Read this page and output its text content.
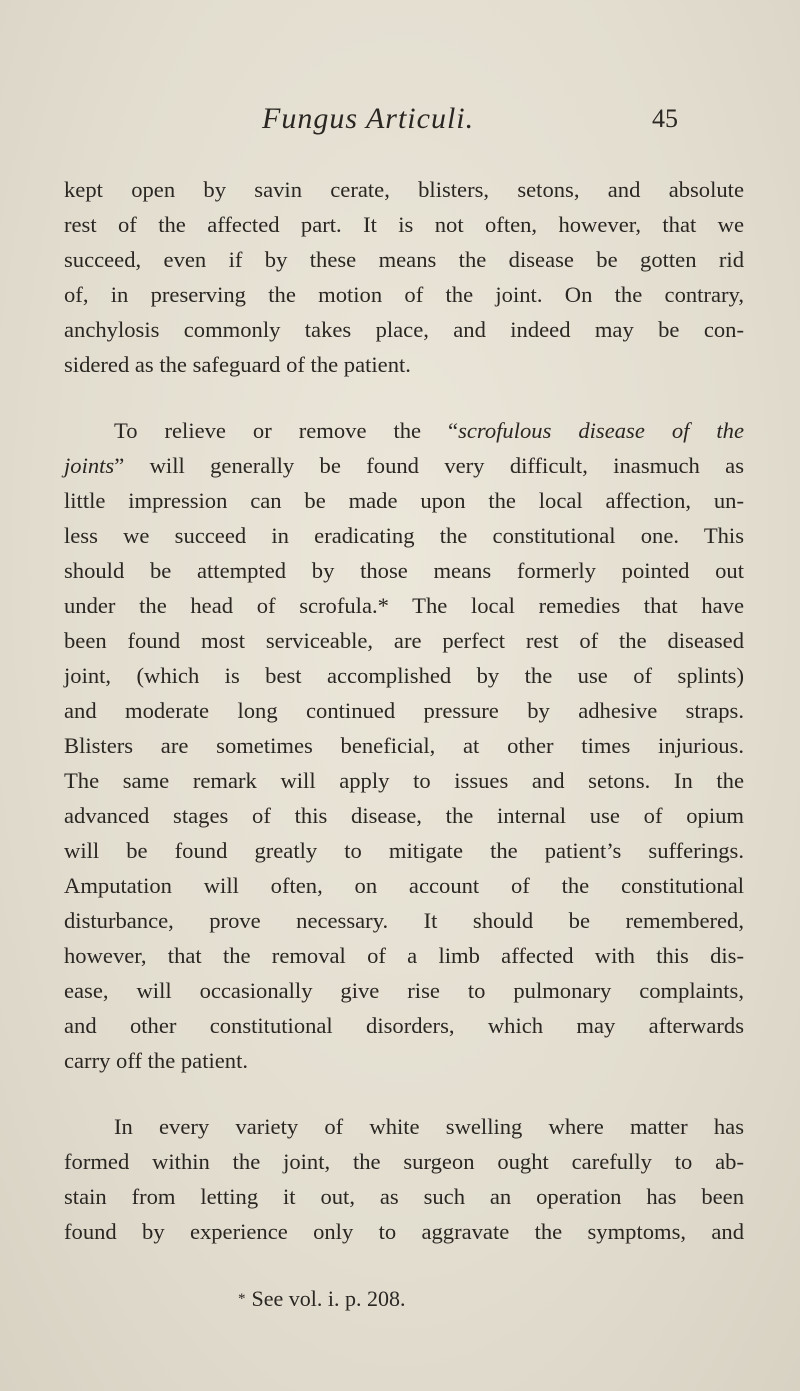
Fungus Articuli.	45
kept open by savin cerate, blisters, setons, and absolute
rest of the affected part. It is not often, however, that we
succeed, even if by these means the disease be gotten rid
of, in preserving the motion of the joint. On the contrary,
anchylosis commonly takes place, and indeed may be con-
sidered as the safeguard of the patient.
To relieve or remove the “scrofulous disease of the
joints” will generally be found very difficult, inasmuch as
little impression can be made upon the local affection, un-
less we succeed in eradicating the constitutional one. This
should be attempted by those means formerly pointed out
under the head of scrofula.* The local remedies that have
been found most serviceable, are perfect rest of the diseased
joint, (which is best accomplished by the use of splints)
and moderate long continued pressure by adhesive straps.
Blisters are sometimes beneficial, at other times injurious.
The same remark will apply to issues and setons. In the
advanced stages of this disease, the internal use of opium
will be found greatly to mitigate the patient’s sufferings.
Amputation will often, on account of the constitutional
disturbance, prove necessary. It should be remembered,
however, that the removal of a limb affected with this dis-
ease, will occasionally give rise to pulmonary complaints,
and other constitutional disorders, which may afterwards
carry off the patient.
In every variety of white swelling where matter has
formed within the joint, the surgeon ought carefully to ab-
stain from letting it out, as such an operation has been
found by experience only to aggravate the symptoms, and
* See vol. i. p. 208.
